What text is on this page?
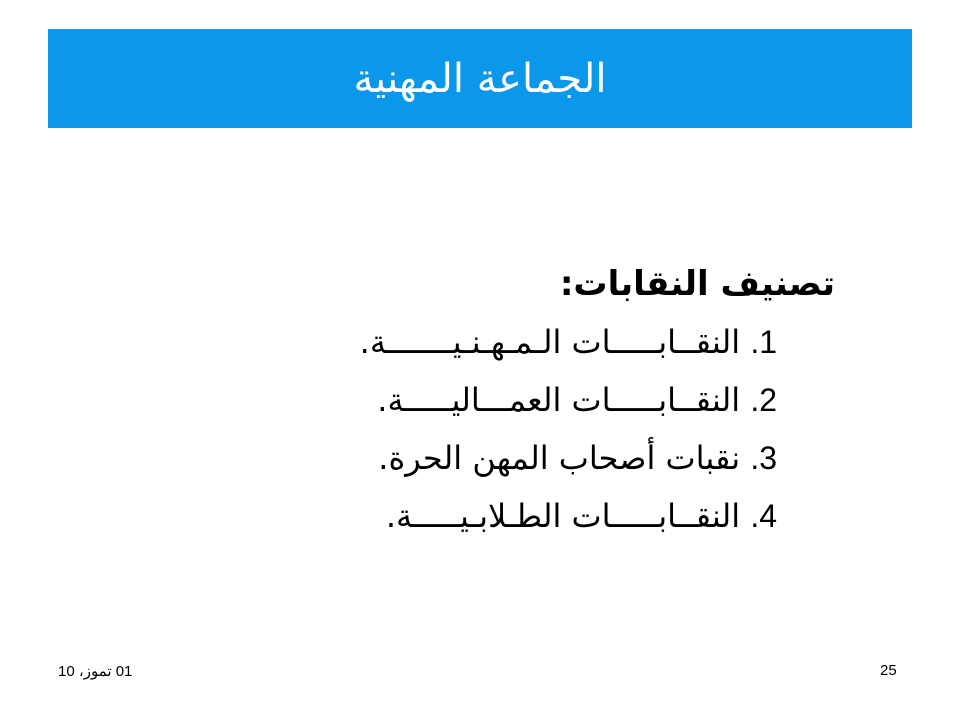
الجماعة المهنية
تصنيف النقابات:
1. النقــابـــــات الـمـهـنـيـــــــة.
2. النقــابـــــات العمـــاليـــــة.
3. نقبات أصحاب المهن الحرة.
4. النقــابـــــات الطـلابـيـــــة.
01 تموز، 10	25
